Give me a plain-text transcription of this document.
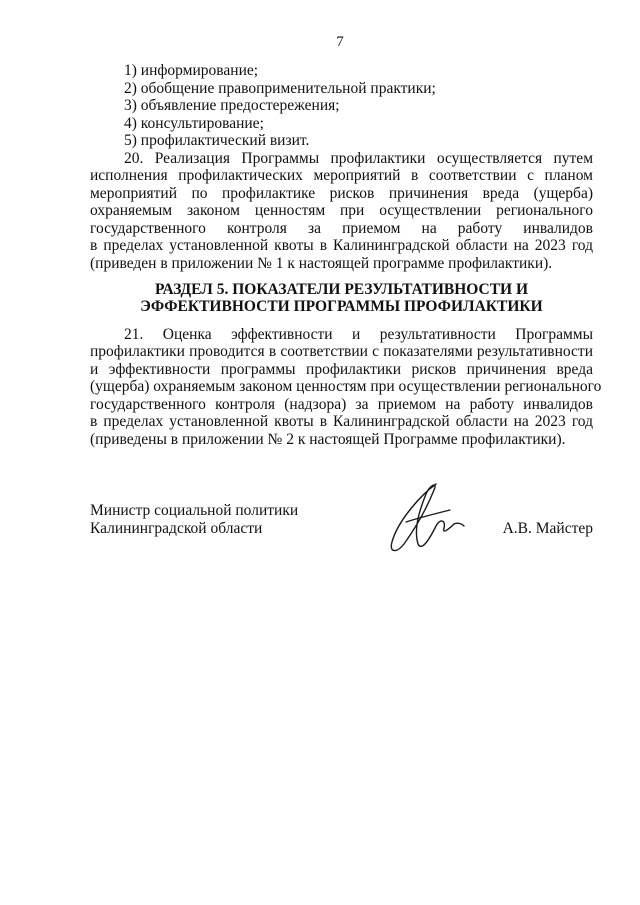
7
1) информирование;
2) обобщение правоприменительной практики;
3) объявление предостережения;
4) консультирование;
5) профилактический визит.
20. Реализация Программы профилактики осуществляется путем
исполнения профилактических мероприятий в соответствии с планом
мероприятий по профилактике рисков причинения вреда (ущерба)
охраняемым законом ценностям при осуществлении регионального
государственного контроля за приемом на работу инвалидов
в пределах установленной квоты в Калининградской области на 2023 год
(приведен в приложении № 1 к настоящей программе профилактики).
РАЗДЕЛ 5. ПОКАЗАТЕЛИ РЕЗУЛЬТАТИВНОСТИ И
ЭФФЕКТИВНОСТИ ПРОГРАММЫ ПРОФИЛАКТИКИ
21. Оценка эффективности и результативности Программы
профилактики проводится в соответствии с показателями результативности
и эффективности программы профилактики рисков причинения вреда
(ущерба) охраняемым законом ценностям при осуществлении регионального
государственного контроля (надзора) за приемом на работу инвалидов
в пределах установленной квоты в Калининградской области на 2023 год
(приведены в приложении № 2 к настоящей Программе профилактики).
Министр социальной политики
Калининградской области	А.В. Майстер
